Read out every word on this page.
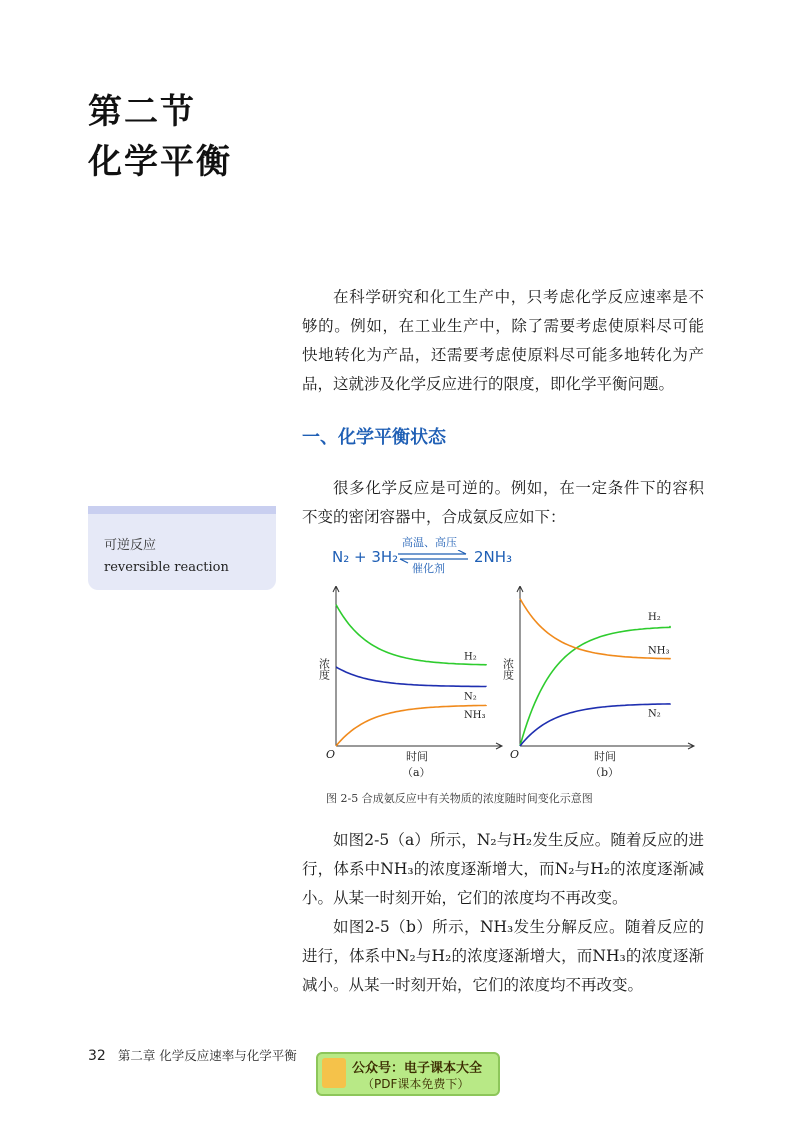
第二节
化学平衡

在科学研究和化工生产中，只考虑化学反应速率是不够的。例如，在工业生产中，除了需要考虑使原料尽可能快地转化为产品，还需要考虑使原料尽可能多地转化为产品，这就涉及化学反应进行的限度，即化学平衡问题。

一、化学平衡状态

很多化学反应是可逆的。例如，在一定条件下的容积不变的密闭容器中，合成氨反应如下：

可逆反应
reversible reaction
N₂ + 3H₂
高温、高压
催化剂
2NH₃
O
浓度
时间
（a）
H₂
N₂
NH₃
O
浓度
时间
（b）
H₂
NH₃
N₂
图 2-5 合成氨反应中有关物质的浓度随时间变化示意图

如图2-5（a）所示，N₂与H₂发生反应。随着反应的进行，体系中NH₃的浓度逐渐增大，而N₂与H₂的浓度逐渐减小。从某一时刻开始，它们的浓度均不再改变。

如图2-5（b）所示，NH₃发生分解反应。随着反应的进行，体系中N₂与H₂的浓度逐渐增大，而NH₃的浓度逐渐减小。从某一时刻开始，它们的浓度均不再改变。

32 第二章 化学反应速率与化学平衡
公众号：电子课本大全
（PDF课本免费下）
